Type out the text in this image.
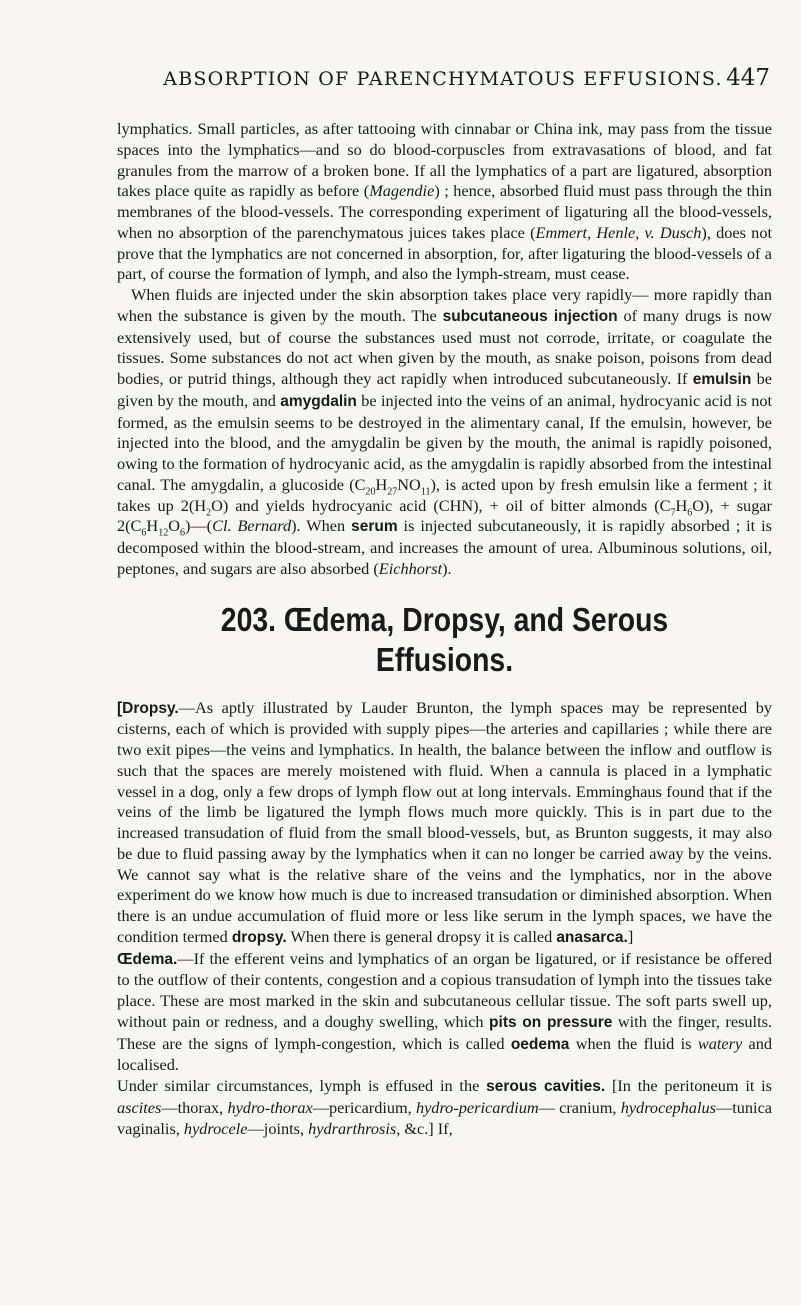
ABSORPTION OF PARENCHYMATOUS EFFUSIONS. 447

lymphatics. Small particles, as after tattooing with cinnabar or China ink, may pass from the tissue spaces into the lymphatics—and so do blood-corpuscles from extravasations of blood, and fat granules from the marrow of a broken bone. If all the lymphatics of a part are ligatured, absorption takes place quite as rapidly as before (Magendie) ; hence, absorbed fluid must pass through the thin membranes of the blood-vessels. The corresponding experiment of ligaturing all the blood-vessels, when no absorption of the parenchymatous juices takes place (Emmert, Henle, v. Dusch), does not prove that the lymphatics are not concerned in absorption, for, after ligaturing the blood-vessels of a part, of course the formation of lymph, and also the lymph-stream, must cease.

When fluids are injected under the skin absorption takes place very rapidly— more rapidly than when the substance is given by the mouth. The subcutaneous injection of many drugs is now extensively used, but of course the substances used must not corrode, irritate, or coagulate the tissues. Some substances do not act when given by the mouth, as snake poison, poisons from dead bodies, or putrid things, although they act rapidly when introduced subcutaneously. If emulsin be given by the mouth, and amygdalin be injected into the veins of an animal, hydrocyanic acid is not formed, as the emulsin seems to be destroyed in the alimentary canal, If the emulsin, however, be injected into the blood, and the amygdalin be given by the mouth, the animal is rapidly poisoned, owing to the formation of hydrocyanic acid, as the amygdalin is rapidly absorbed from the intestinal canal. The amygdalin, a glucoside $(C_{20}H_{27}NO_{11})$, is acted upon by fresh emulsin like a ferment ; it takes up $2(H_2O)$ and yields hydrocyanic acid (CHN), + oil of bitter almonds $(C_7H_6O)$, + sugar $2(C_6H_{12}O_6)—(Cl$. Bernard). When serum is injected subcutaneously, it is rapidly absorbed ; it is decomposed within the blood-stream, and increases the amount of urea. Albuminous solutions, oil, peptones, and sugars are also absorbed (Eichhorst).

203. Œdema, Dropsy, and Serous Effusions.

[Dropsy.—As aptly illustrated by Lauder Brunton, the lymph spaces may be represented by cisterns, each of which is provided with supply pipes—the arteries and capillaries ; while there are two exit pipes—the veins and lymphatics. In health, the balance between the inflow and outflow is such that the spaces are merely moistened with fluid. When a cannula is placed in a lymphatic vessel in a dog, only a few drops of lymph flow out at long intervals. Emminghaus found that if the veins of the limb be ligatured the lymph flows much more quickly. This is in part due to the increased transudation of fluid from the small blood-vessels, but, as Brunton suggests, it may also be due to fluid passing away by the lymphatics when it can no longer be carried away by the veins. We cannot say what is the relative share of the veins and the lymphatics, nor in the above experiment do we know how much is due to increased transudation or diminished absorption. When there is an undue accumulation of fluid more or less like serum in the lymph spaces, we have the condition termed dropsy. When there is general dropsy it is called anasarca.]

Œdema.—If the efferent veins and lymphatics of an organ be ligatured, or if resistance be offered to the outflow of their contents, congestion and a copious transudation of lymph into the tissues take place. These are most marked in the skin and subcutaneous cellular tissue. The soft parts swell up, without pain or redness, and a doughy swelling, which pits on pressure with the finger, results. These are the signs of lymph-congestion, which is called oedema when the fluid is watery and localised.

Under similar circumstances, lymph is effused in the serous cavities. [In the peritoneum it is ascites—thorax, hydro-thorax—pericardium, hydro-pericardium— cranium, hydrocephalus—tunica vaginalis, hydrocele—joints, hydrarthrosis, &c.] If,
